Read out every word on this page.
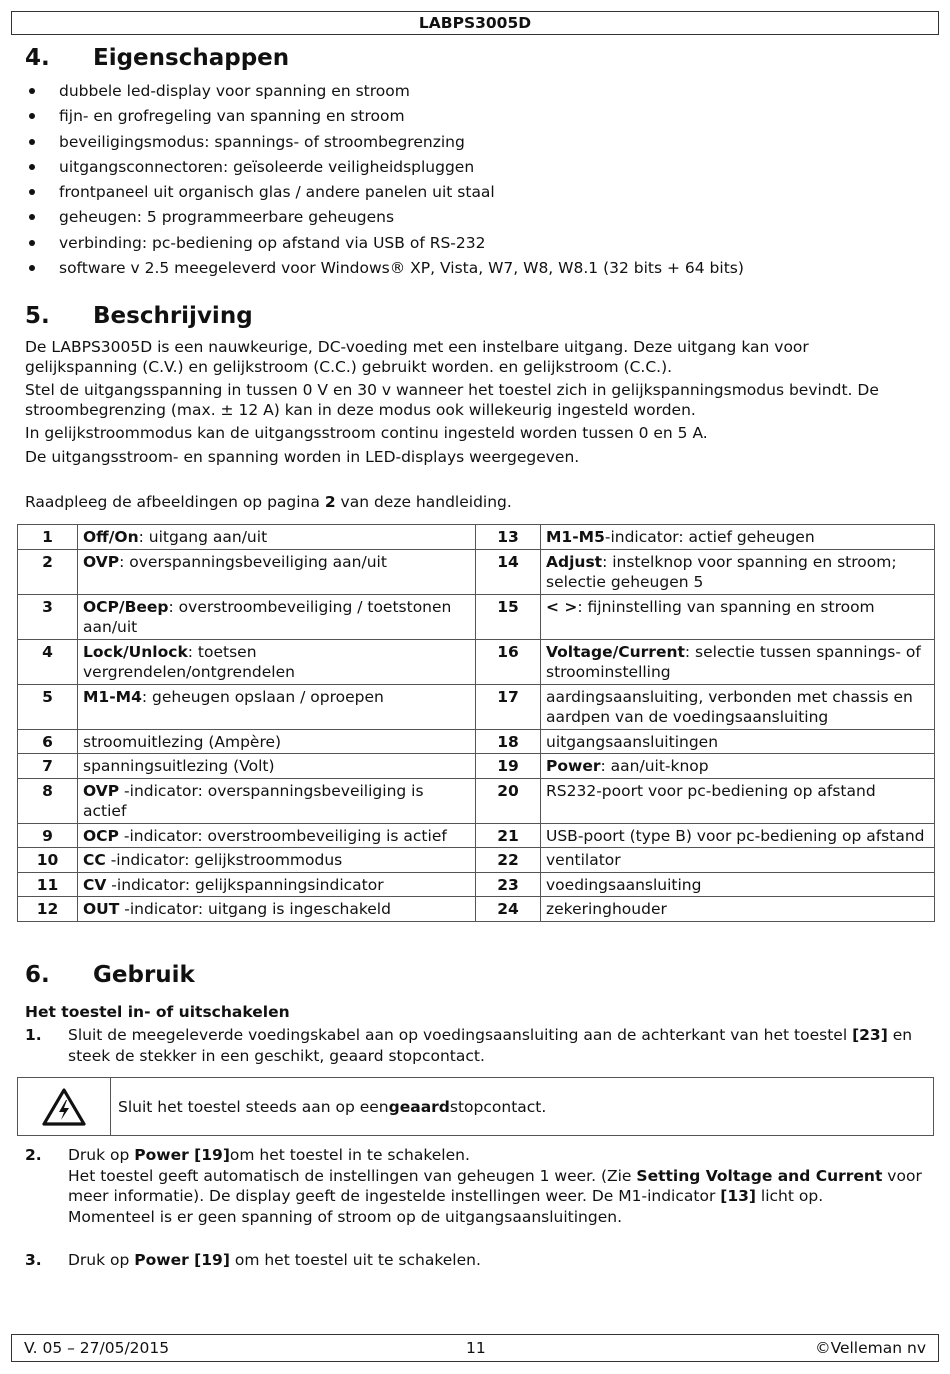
LABPS3005D
4. Eigenschappen
dubbele led-display voor spanning en stroom
fijn- en grofregeling van spanning en stroom
beveiligingsmodus: spannings- of stroombegrenzing
uitgangsconnectoren: geïsoleerde veiligheidspluggen
frontpaneel uit organisch glas / andere panelen uit staal
geheugen: 5 programmeerbare geheugens
verbinding: pc-bediening op afstand via USB of RS-232
software v 2.5 meegeleverd voor Windows® XP, Vista, W7, W8, W8.1 (32 bits + 64 bits)
5. Beschrijving

De LABPS3005D is een nauwkeurige, DC-voeding met een instelbare uitgang. Deze uitgang kan voor gelijkspanning (C.V.) en gelijkstroom (C.C.) gebruikt worden. en gelijkstroom (C.C.).

Stel de uitgangsspanning in tussen 0 V en 30 v wanneer het toestel zich in gelijkspanningsmodus bevindt. De stroombegrenzing (max. ± 12 A) kan in deze modus ook willekeurig ingesteld worden.

In gelijkstroommodus kan de uitgangsstroom continu ingesteld worden tussen 0 en 5 A.

De uitgangsstroom- en spanning worden in LED-displays weergegeven.

Raadpleeg de afbeeldingen op pagina 2 van deze handleiding.

1	Off/On: uitgang aan/uit	13	M1-M5-indicator: actief geheugen
2	OVP: overspanningsbeveiliging aan/uit	14	Adjust: instelknop voor spanning en stroom; selectie geheugen 5
3	OCP/Beep: overstroombeveiliging / toetstonen aan/uit	15	< >: fijninstelling van spanning en stroom
4	Lock/Unlock: toetsen vergrendelen/ontgrendelen	16	Voltage/Current: selectie tussen spannings- of stroominstelling
5	M1-M4: geheugen opslaan / oproepen	17	aardingsaansluiting, verbonden met chassis en aardpen van de voedingsaansluiting
6	stroomuitlezing (Ampère)	18	uitgangsaansluitingen
7	spanningsuitlezing (Volt)	19	Power: aan/uit-knop
8	OVP -indicator: overspanningsbeveiliging is actief	20	RS232-poort voor pc-bediening op afstand
9	OCP -indicator: overstroombeveiliging is actief	21	USB-poort (type B) voor pc-bediening op afstand
10	CC -indicator: gelijkstroommodus	22	ventilator
11	CV -indicator: gelijkspanningsindicator	23	voedingsaansluiting
12	OUT -indicator: uitgang is ingeschakeld	24	zekeringhouder
6. Gebruik
Het toestel in- of uitschakelen
1. Sluit de meegeleverde voedingskabel aan op voedingsaansluiting aan de achterkant van het toestel [23] en steek de stekker in een geschikt, geaard stopcontact.
Sluit het toestel steeds aan op een geaard stopcontact.
2. Druk op Power [19]om het toestel in te schakelen.
Het toestel geeft automatisch de instellingen van geheugen 1 weer. (Zie Setting Voltage and Current voor meer informatie). De display geeft de ingestelde instellingen weer. De M1-indicator [13] licht op.
Momenteel is er geen spanning of stroom op de uitgangsaansluitingen.
3. Druk op Power [19] om het toestel uit te schakelen.
V. 05 – 27/05/2015	11	©Velleman nv
